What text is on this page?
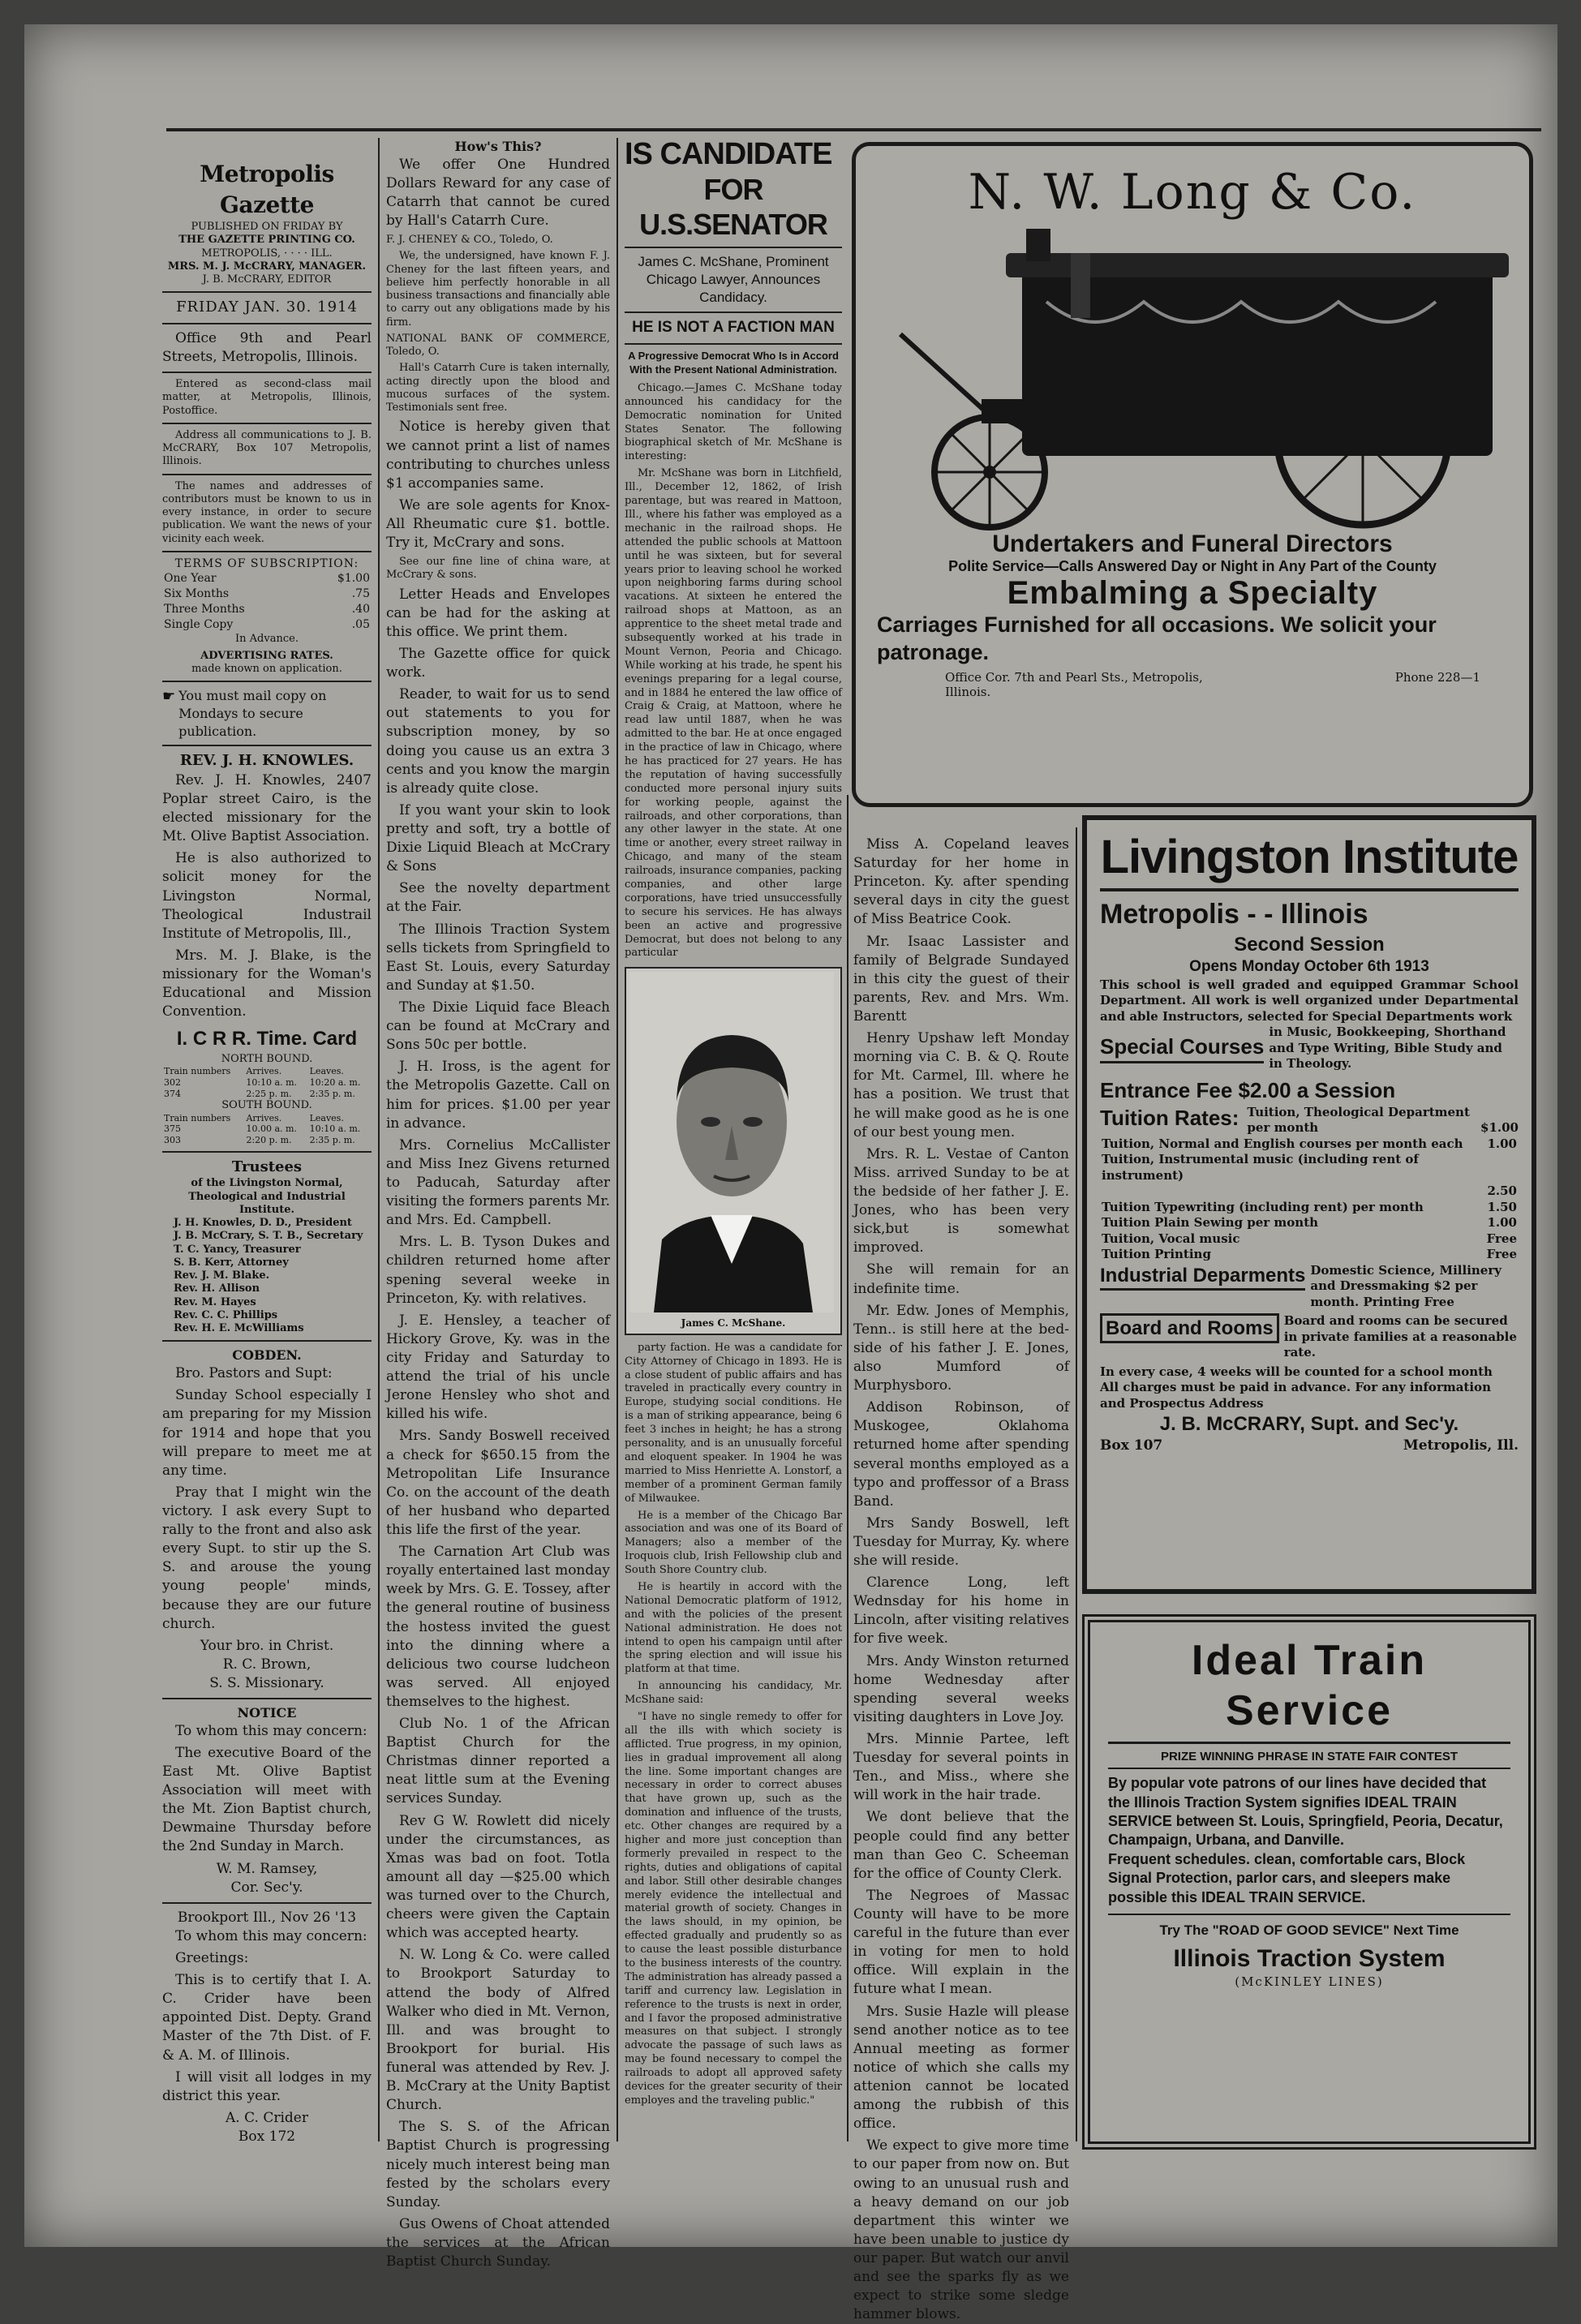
Metropolis Gazette
PUBLISHED ON FRIDAY BY
THE GAZETTE PRINTING CO.
METROPOLIS, · · · · ILL.
MRS. M. J. McCRARY, MANAGER.
J. B. McCRARY, EDITOR
FRIDAY JAN. 30. 1914

Office 9th and Pearl Streets, Metropolis, Illinois.

Entered as second-class mail matter, at Metropolis, Illinois, Postoffice.

Address all communications to J. B. McCRARY, Box 107 Metropolis, Illinois.

The names and addresses of contributors must be known to us in every instance, in order to secure publication. We want the news of your vicinity each week.

TERMS OF SUBSCRIPTION:
One Year	$1.00
Six Months	.75
Three Months	.40
Single Copy	.05
In Advance.
ADVERTISING RATES.
made known on application.
☛ You must mail copy on Mondays to secure publication.
REV. J. H. KNOWLES.

Rev. J. H. Knowles, 2407 Poplar street Cairo, is the elected missionary for the Mt. Olive Baptist Association.

He is also authorized to solicit money for the Livingston Normal, Theological Industrail Institute of Metropolis, Ill.,

Mrs. M. J. Blake, is the missionary for the Woman's Educational and Mission Convention.

I. C R R. Time. Card
NORTH BOUND.
Train numbers	Arrives.	Leaves.
302	10:10 a. m.	10:20 a. m.
374	2:25 p. m.	2:35 p. m.
SOUTH BOUND.
Train numbers	Arrives.	Leaves.
375	10.00 a. m.	10:10 a. m.
303	2:20 p. m.	2:35 p. m.
Trustees
of the Livingston Normal, Theological and Industrial Institute.
J. H. Knowles, D. D., President
J. B. McCrary, S. T. B., Secretary
T. C. Yancy, Treasurer
S. B. Kerr, Attorney
Rev. J. M. Blake.
Rev. H. Allison
Rev. M. Hayes
Rev. C. C. Phillips
Rev. H. E. McWilliams
COBDEN.

Bro. Pastors and Supt:

Sunday School especially I am preparing for my Mission for 1914 and hope that you will prepare to meet me at any time.

Pray that I might win the victory. I ask every Supt to rally to the front and also ask every Supt. to stir up the S. S. and arouse the young young people' minds, because they are our future church.

Your bro. in Christ.
R. C. Brown,
S. S. Missionary.
NOTICE

To whom this may concern:

The executive Board of the East Mt. Olive Baptist Association will meet with the Mt. Zion Baptist church, Dewmaine Thursday before the 2nd Sunday in March.

W. M. Ramsey,
Cor. Sec'y.
Brookport Ill., Nov 26 '13

To whom this may concern:

Greetings:

This is to certify that I. A. C. Crider have been appointed Dist. Depty. Grand Master of the 7th Dist. of F. & A. M. of Illinois.

I will visit all lodges in my district this year.

A. C. Crider
Box 172
How's This?

We offer One Hundred Dollars Reward for any case of Catarrh that cannot be cured by Hall's Catarrh Cure.

F. J. CHENEY & CO., Toledo, O.

We, the undersigned, have known F. J. Cheney for the last fifteen years, and believe him perfectly honorable in all business transactions and financially able to carry out any obligations made by his firm.

NATIONAL BANK OF COMMERCE, Toledo, O.

Hall's Catarrh Cure is taken internally, acting directly upon the blood and mucous surfaces of the system. Testimonials sent free.

Notice is hereby given that we cannot print a list of names contributing to churches unless $1 accompanies same.

We are sole agents for Knox-All Rheumatic cure $1. bottle. Try it, McCrary and sons.

See our fine line of china ware, at McCrary & sons.

Letter Heads and Envelopes can be had for the asking at this office. We print them.

The Gazette office for quick work.

Reader, to wait for us to send out statements to you for subscription money, by so doing you cause us an extra 3 cents and you know the margin is already quite close.

If you want your skin to look pretty and soft, try a bottle of Dixie Liquid Bleach at McCrary & Sons

See the novelty department at the Fair.

The Illinois Traction System sells tickets from Springfield to East St. Louis, every Saturday and Sunday at $1.50.

The Dixie Liquid face Bleach can be found at McCrary and Sons 50c per bottle.

J. H. Iross, is the agent for the Metropolis Gazette. Call on him for prices. $1.00 per year in advance.

Mrs. Cornelius McCallister and Miss Inez Givens returned to Paducah, Saturday after visiting the formers parents Mr. and Mrs. Ed. Campbell.

Mrs. L. B. Tyson Dukes and children returned home after spening several weeke in Princeton, Ky. with relatives.

J. E. Hensley, a teacher of Hickory Grove, Ky. was in the city Friday and Saturday to attend the trial of his uncle Jerone Hensley who shot and killed his wife.

Mrs. Sandy Boswell received a check for $650.15 from the Metropolitan Life Insurance Co. on the account of the death of her husband who departed this life the first of the year.

The Carnation Art Club was royally entertained last monday week by Mrs. G. E. Tossey, after the general routine of business the hostess invited the guest into the dinning where a delicious two course ludcheon was served. All enjoyed themselves to the highest.

Club No. 1 of the African Baptist Church for the Christmas dinner reported a neat little sum at the Evening services Sunday.

Rev G W. Rowlett did nicely under the circumstances, as Xmas was bad on foot. Totla amount all day —$25.00 which was turned over to the Church, cheers were given the Captain which was accepted hearty.

N. W. Long & Co. were called to Brookport Saturday to attend the body of Alfred Walker who died in Mt. Vernon, Ill. and was brought to Brookport for burial. His funeral was attended by Rev. J. B. McCrary at the Unity Baptist Church.

The S. S. of the African Baptist Church is progressing nicely much interest being man fested by the scholars every Sunday.

Gus Owens of Choat attended the services at the African Baptist Church Sunday.

IS CANDIDATE
FOR U.S.SENATOR
James C. McShane, Prominent Chicago Lawyer, Announces Candidacy.
HE IS NOT A FACTION MAN
A Progressive Democrat Who Is in Accord With the Present National Administration.

Chicago.—James C. McShane today announced his candidacy for the Democratic nomination for United States Senator. The following biographical sketch of Mr. McShane is interesting:

Mr. McShane was born in Litchfield, Ill., December 12, 1862, of Irish parentage, but was reared in Mattoon, Ill., where his father was employed as a mechanic in the railroad shops. He attended the public schools at Mattoon until he was sixteen, but for several years prior to leaving school he worked upon neighboring farms during school vacations. At sixteen he entered the railroad shops at Mattoon, as an apprentice to the sheet metal trade and subsequently worked at his trade in Mount Vernon, Peoria and Chicago. While working at his trade, he spent his evenings preparing for a legal course, and in 1884 he entered the law office of Craig & Craig, at Mattoon, where he read law until 1887, when he was admitted to the bar. He at once engaged in the practice of law in Chicago, where he has practiced for 27 years. He has the reputation of having successfully conducted more personal injury suits for working people, against the railroads, and other corporations, than any other lawyer in the state. At one time or another, every street railway in Chicago, and many of the steam railroads, insurance companies, packing companies, and other large corporations, have tried unsuccessfully to secure his services. He has always been an active and progressive Democrat, but does not belong to any particular

James C. McShane.

party faction. He was a candidate for City Attorney of Chicago in 1893. He is a close student of public affairs and has traveled in practically every country in Europe, studying social conditions. He is a man of striking appearance, being 6 feet 3 inches in height; he has a strong personality, and is an unusually forceful and eloquent speaker. In 1904 he was married to Miss Henriette A. Lonstorf, a member of a prominent German family of Milwaukee.

He is a member of the Chicago Bar association and was one of its Board of Managers; also a member of the Iroquois club, Irish Fellowship club and South Shore Country club.

He is heartily in accord with the National Democratic platform of 1912, and with the policies of the present National administration. He does not intend to open his campaign until after the spring election and will issue his platform at that time.

In announcing his candidacy, Mr. McShane said:

"I have no single remedy to offer for all the ills with which society is afflicted. True progress, in my opinion, lies in gradual improvement all along the line. Some important changes are necessary in order to correct abuses that have grown up, such as the domination and influence of the trusts, etc. Other changes are required by a higher and more just conception than formerly prevailed in respect to the rights, duties and obligations of capital and labor. Still other desirable changes merely evidence the intellectual and material growth of society. Changes in the laws should, in my opinion, be effected gradually and prudently so as to cause the least possible disturbance to the business interests of the country. The administration has already passed a tariff and currency law. Legislation in reference to the trusts is next in order, and I favor the proposed administrative measures on that subject. I strongly advocate the passage of such laws as may be found necessary to compel the railroads to adopt all approved safety devices for the greater security of their employes and the traveling public."

N. W. Long & Co.
Undertakers and Funeral Directors
Polite Service—Calls Answered Day or Night in Any Part of the County
Embalming a Specialty
Carriages Furnished for all occasions. We solicit your patronage.
Office Cor. 7th and Pearl Sts., Metropolis, Illinois.
Phone 228—1

Miss A. Copeland leaves Saturday for her home in Princeton. Ky. after spending several days in city the guest of Miss Beatrice Cook.

Mr. Isaac Lassister and family of Belgrade Sundayed in this city the guest of their parents, Rev. and Mrs. Wm. Barentt

Henry Upshaw left Monday morning via C. B. & Q. Route for Mt. Carmel, Ill. where he has a position. We trust that he will make good as he is one of our best young men.

Mrs. R. L. Vestae of Canton Miss. arrived Sunday to be at the bedside of her father J. E. Jones, who has been very sick,but is somewhat improved.

She will remain for an indefinite time.

Mr. Edw. Jones of Memphis, Tenn.. is still here at the bed-side of his father J. E. Jones, also Mumford of Murphysboro.

Addison Robinson, of Muskogee, Oklahoma returned home after spending several months employed as a typo and proffessor of a Brass Band.

Mrs Sandy Boswell, left Tuesday for Murray, Ky. where she will reside.

Clarence Long, left Wednsday for his home in Lincoln, after visiting relatives for five week.

Mrs. Andy Winston returned home Wednesday after spending several weeks visiting daughters in Love Joy.

Mrs. Minnie Partee, left Tuesday for several points in Ten., and Miss., where she will work in the hair trade.

We dont believe that the people could find any better man than Geo C. Scheeman for the office of County Clerk.

The Negroes of Massac County will have to be more careful in the future than ever in voting for men to hold office. Will explain in the future what I mean.

Mrs. Susie Hazle will please send another notice as to tee Annual meeting as former notice of which she calls my attenion cannot be located among the rubbish of this office.

We expect to give more time to our paper from now on. But owing to an unusual rush and a heavy demand on our job department this winter we have been unable to justice dy our paper. But watch our anvil and see the sparks fly as we expect to strike some sledge hammer blows.

Livingston Institute
Metropolis - - Illinois
Second Session
Opens Monday October 6th 1913

This school is well graded and equipped Grammar School Department. All work is well organized under Departmental and able Instructors, selected for Special Departments work

Special Courses
in Music, Bookkeeping, Shorthand and Type Writing, Bible Study and in Theology.
Entrance Fee $2.00 a Session
Tuition Rates: Tuition, Theological Department per month	$1.00
Tuition, Normal and English courses per month each	1.00
Tuition, Instrumental music (including rent of instrument)	
	2.50
Tuition Typewriting (including rent) per month	1.50
Tuition Plain Sewing per month	1.00
Tuition, Vocal music	Free
Tuition Printing	Free
Industrial Deparments Domestic Science, Millinery and Dressmaking $2 per month. Printing Free
Board and Rooms Board and rooms can be secured in private families at a reasonable rate.

In every case, 4 weeks will be counted for a school month

All charges must be paid in advance. For any information and Prospectus Address

J. B. McCRARY, Supt. and Sec'y.
Box 107	Metropolis, Ill.
Ideal Train Service
PRIZE WINNING PHRASE IN STATE FAIR CONTEST

By popular vote patrons of our lines have decided that the Illinois Traction System signifies IDEAL TRAIN SERVICE between St. Louis, Springfield, Peoria, Decatur, Champaign, Urbana, and Danville.

Frequent schedules. clean, comfortable cars, Block Signal Protection, parlor cars, and sleepers make possible this IDEAL TRAIN SERVICE.

Try The "ROAD OF GOOD SEVICE" Next Time
Illinois Traction System
(McKINLEY LINES)
